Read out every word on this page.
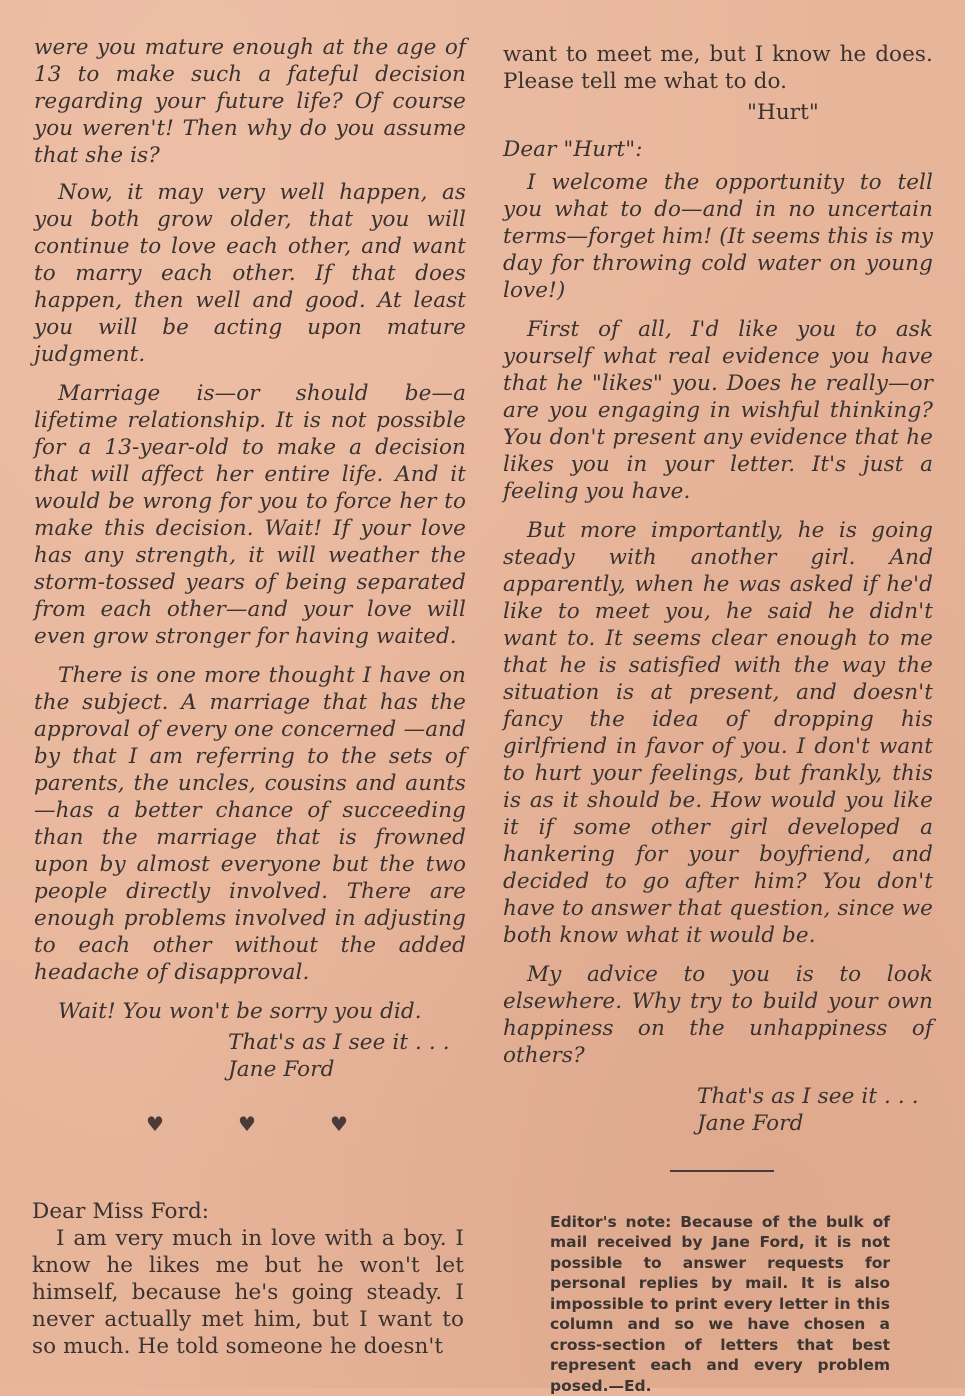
were you mature enough at the age of 13 to make such a fateful decision regarding your future life? Of course you weren't! Then why do you assume that she is?

Now, it may very well happen, as you both grow older, that you will continue to love each other, and want to marry each other. If that does happen, then well and good. At least you will be acting upon mature judgment.

Marriage is—or should be—a lifetime relationship. It is not possible for a 13-year-old to make a decision that will affect her entire life. And it would be wrong for you to force her to make this decision. Wait! If your love has any strength, it will weather the storm-tossed years of being separated from each other—and your love will even grow stronger for having waited.

There is one more thought I have on the subject. A marriage that has the approval of every one concerned —and by that I am referring to the sets of parents, the uncles, cousins and aunts—has a better chance of succeeding than the marriage that is frowned upon by almost everyone but the two people directly involved. There are enough problems involved in adjusting to each other without the added headache of disapproval.

Wait! You won't be sorry you did.

That's as I see it . . .

Jane Ford

♥	♥	♥

Dear Miss Ford:

I am very much in love with a boy. I know he likes me but he won't let himself, because he's going steady. I never actually met him, but I want to so much. He told someone he doesn't

want to meet me, but I know he does. Please tell me what to do.

"Hurt"

Dear "Hurt":

I welcome the opportunity to tell you what to do—and in no uncertain terms—forget him! (It seems this is my day for throwing cold water on young love!)

First of all, I'd like you to ask yourself what real evidence you have that he "likes" you. Does he really—or are you engaging in wishful thinking? You don't present any evidence that he likes you in your letter. It's just a feeling you have.

But more importantly, he is going steady with another girl. And apparently, when he was asked if he'd like to meet you, he said he didn't want to. It seems clear enough to me that he is satisfied with the way the situation is at present, and doesn't fancy the idea of dropping his girlfriend in favor of you. I don't want to hurt your feelings, but frankly, this is as it should be. How would you like it if some other girl developed a hankering for your boyfriend, and decided to go after him? You don't have to answer that question, since we both know what it would be.

My advice to you is to look elsewhere. Why try to build your own happiness on the unhappiness of others?

That's as I see it . . .

Jane Ford

Editor's note: Because of the bulk of mail received by Jane Ford, it is not possible to answer requests for personal replies by mail. It is also impossible to print every letter in this column and so we have chosen a cross-section of letters that best represent each and every problem posed.—Ed.
